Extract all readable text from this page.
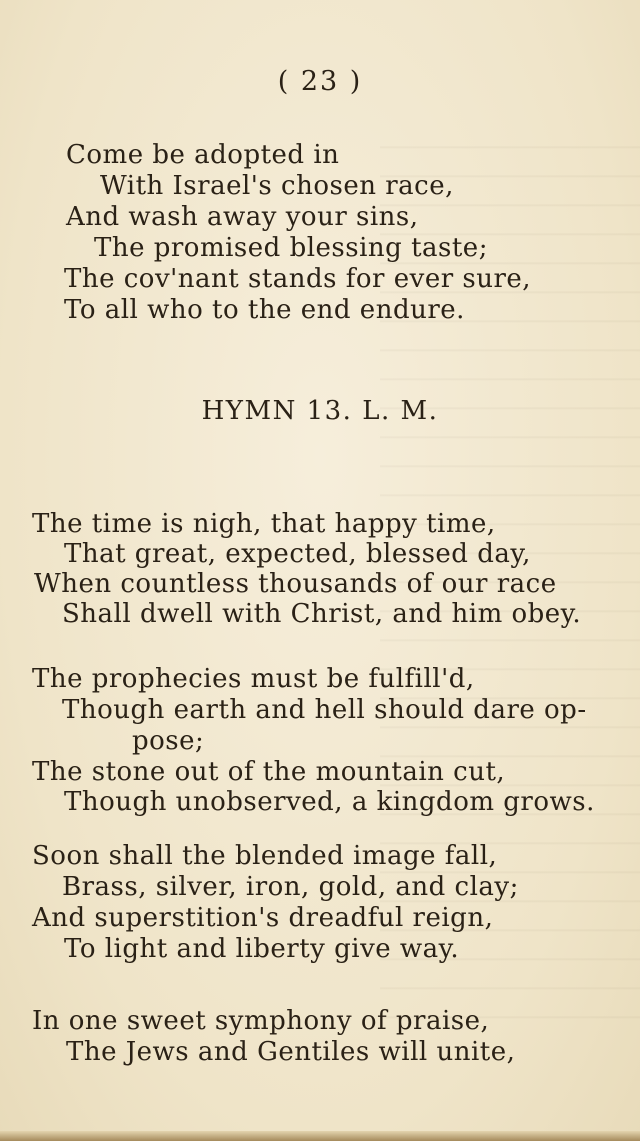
( 23 )
Come be adopted in
With Israel's chosen race,
And wash away your sins,
The promised blessing taste;
The cov'nant stands for ever sure,
To all who to the end endure.
HYMN 13. L. M.
The time is nigh, that happy time,
That great, expected, blessed day,
When countless thousands of our race
Shall dwell with Christ, and him obey.
The prophecies must be fulfill'd,
Though earth and hell should dare op-
pose;
The stone out of the mountain cut,
Though unobserved, a kingdom grows.
Soon shall the blended image fall,
Brass, silver, iron, gold, and clay;
And superstition's dreadful reign,
To light and liberty give way.
In one sweet symphony of praise,
The Jews and Gentiles will unite,
